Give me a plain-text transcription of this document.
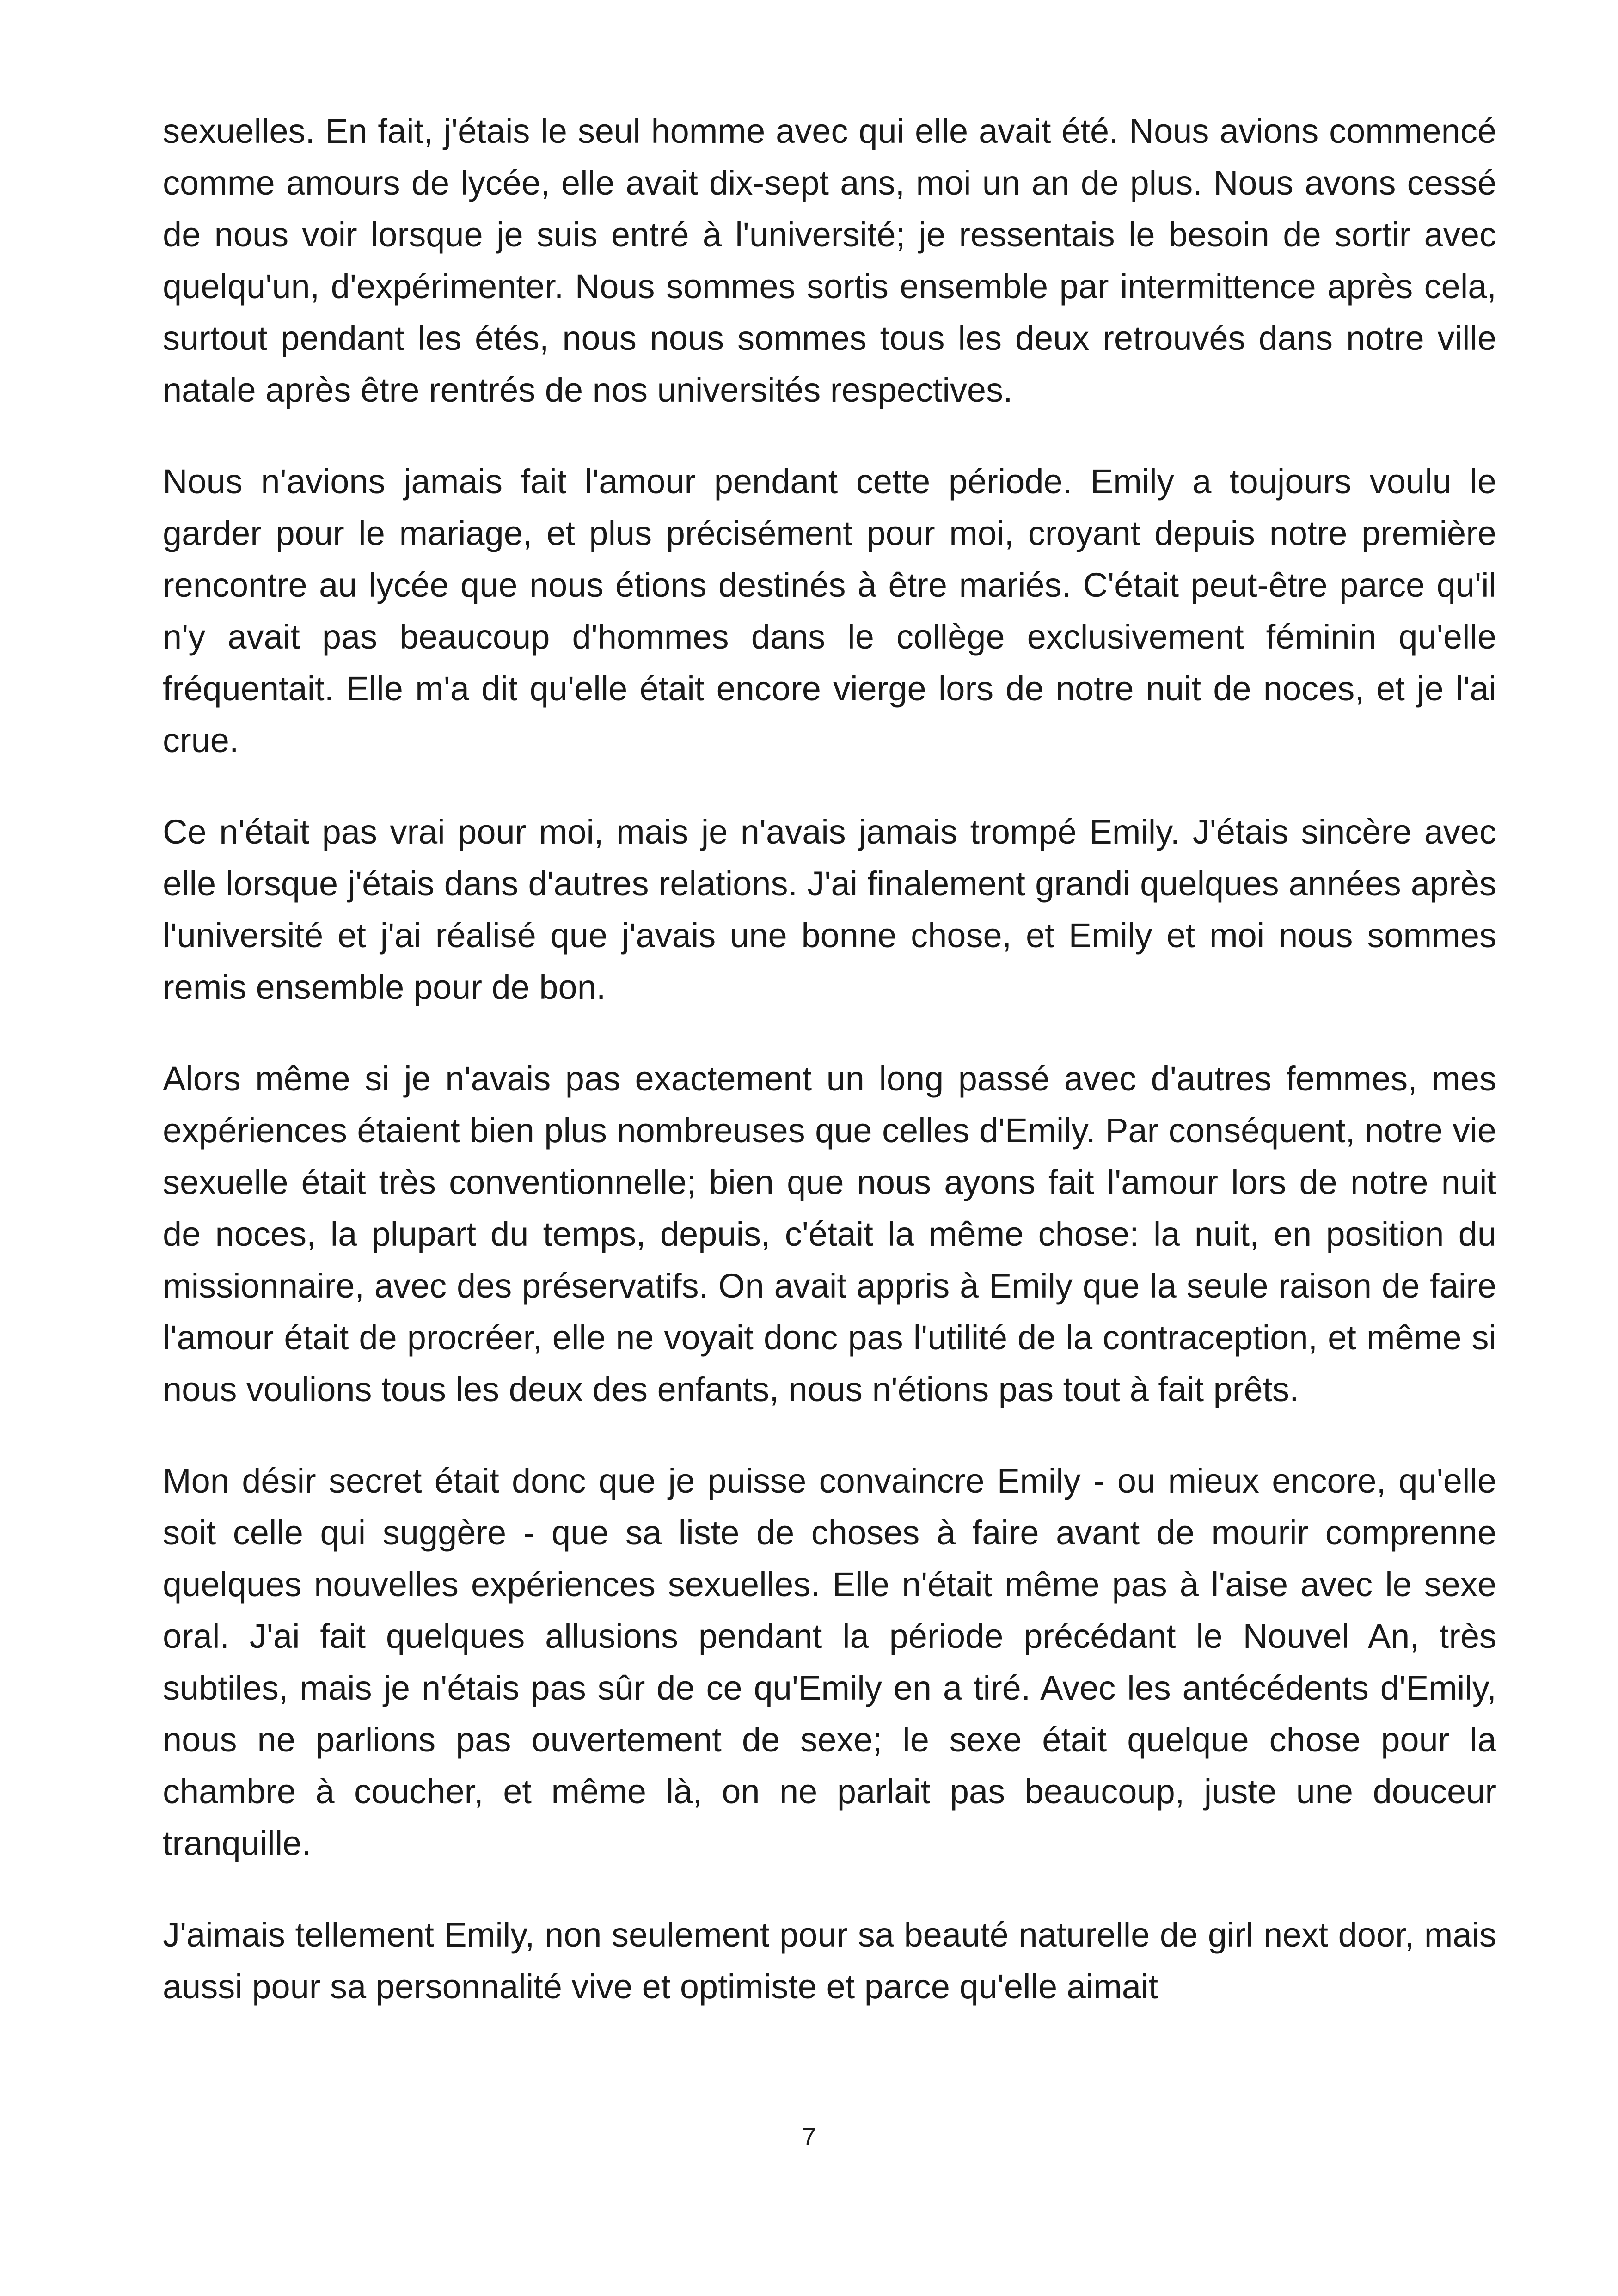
sexuelles. En fait, j'étais le seul homme avec qui elle avait été. Nous avions commencé comme amours de lycée, elle avait dix-sept ans, moi un an de plus. Nous avons cessé de nous voir lorsque je suis entré à l'université; je ressentais le besoin de sortir avec quelqu'un, d'expérimenter. Nous sommes sortis ensemble par intermittence après cela, surtout pendant les étés, nous nous sommes tous les deux retrouvés dans notre ville natale après être rentrés de nos universités respectives.

Nous n'avions jamais fait l'amour pendant cette période. Emily a toujours voulu le garder pour le mariage, et plus précisément pour moi, croyant depuis notre première rencontre au lycée que nous étions destinés à être mariés. C'était peut-être parce qu'il n'y avait pas beaucoup d'hommes dans le collège exclusivement féminin qu'elle fréquentait. Elle m'a dit qu'elle était encore vierge lors de notre nuit de noces, et je l'ai crue.

Ce n'était pas vrai pour moi, mais je n'avais jamais trompé Emily. J'étais sincère avec elle lorsque j'étais dans d'autres relations. J'ai finalement grandi quelques années après l'université et j'ai réalisé que j'avais une bonne chose, et Emily et moi nous sommes remis ensemble pour de bon.

Alors même si je n'avais pas exactement un long passé avec d'autres femmes, mes expériences étaient bien plus nombreuses que celles d'Emily. Par conséquent, notre vie sexuelle était très conventionnelle; bien que nous ayons fait l'amour lors de notre nuit de noces, la plupart du temps, depuis, c'était la même chose: la nuit, en position du missionnaire, avec des préservatifs. On avait appris à Emily que la seule raison de faire l'amour était de procréer, elle ne voyait donc pas l'utilité de la contraception, et même si nous voulions tous les deux des enfants, nous n'étions pas tout à fait prêts.

Mon désir secret était donc que je puisse convaincre Emily - ou mieux encore, qu'elle soit celle qui suggère - que sa liste de choses à faire avant de mourir comprenne quelques nouvelles expériences sexuelles. Elle n'était même pas à l'aise avec le sexe oral. J'ai fait quelques allusions pendant la période précédant le Nouvel An, très subtiles, mais je n'étais pas sûr de ce qu'Emily en a tiré. Avec les antécédents d'Emily, nous ne parlions pas ouvertement de sexe; le sexe était quelque chose pour la chambre à coucher, et même là, on ne parlait pas beaucoup, juste une douceur tranquille.

J'aimais tellement Emily, non seulement pour sa beauté naturelle de girl next door, mais aussi pour sa personnalité vive et optimiste et parce qu'elle aimait

7
